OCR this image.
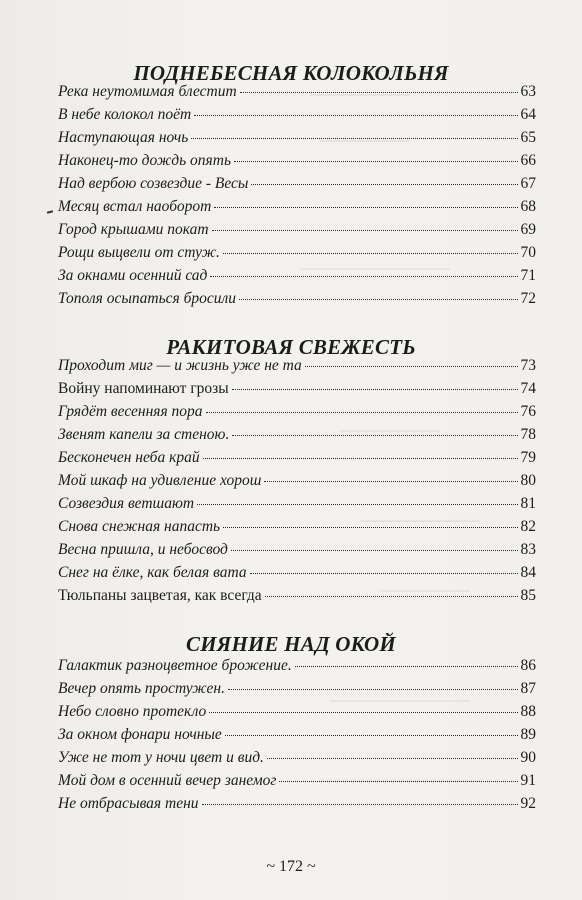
ПОДНЕБЕСНАЯ КОЛОКОЛЬНЯ
Река неутомимая блестит	63
В небе колокол поёт	64
Наступающая ночь	65
Наконец-то дождь опять	66
Над вербою созвездие - Весы	67
Месяц встал наоборот	68
Город крышами покат	69
Рощи выцвели от стуж.	70
За окнами осенний сад	71
Тополя осыпаться бросили	72
РАКИТОВАЯ СВЕЖЕСТЬ
Проходит миг — и жизнь уже не та	73
Войну напоминают грозы	74
Грядёт весенняя пора	76
Звенят капели за стеною.	78
Бесконечен неба край	79
Мой шкаф на удивление хорош	80
Созвездия ветшают	81
Снова снежная напасть	82
Весна пришла, и небосвод	83
Снег на ёлке, как белая вата	84
Тюльпаны зацветая, как всегда	85
СИЯНИЕ НАД ОКОЙ
Галактик разноцветное брожение.	86
Вечер опять простужен.	87
Небо словно протекло	88
За окном фонари ночные	89
Уже не тот у ночи цвет и вид.	90
Мой дом в осенний вечер занемог	91
Не отбрасывая тени	92
~ 172 ~
